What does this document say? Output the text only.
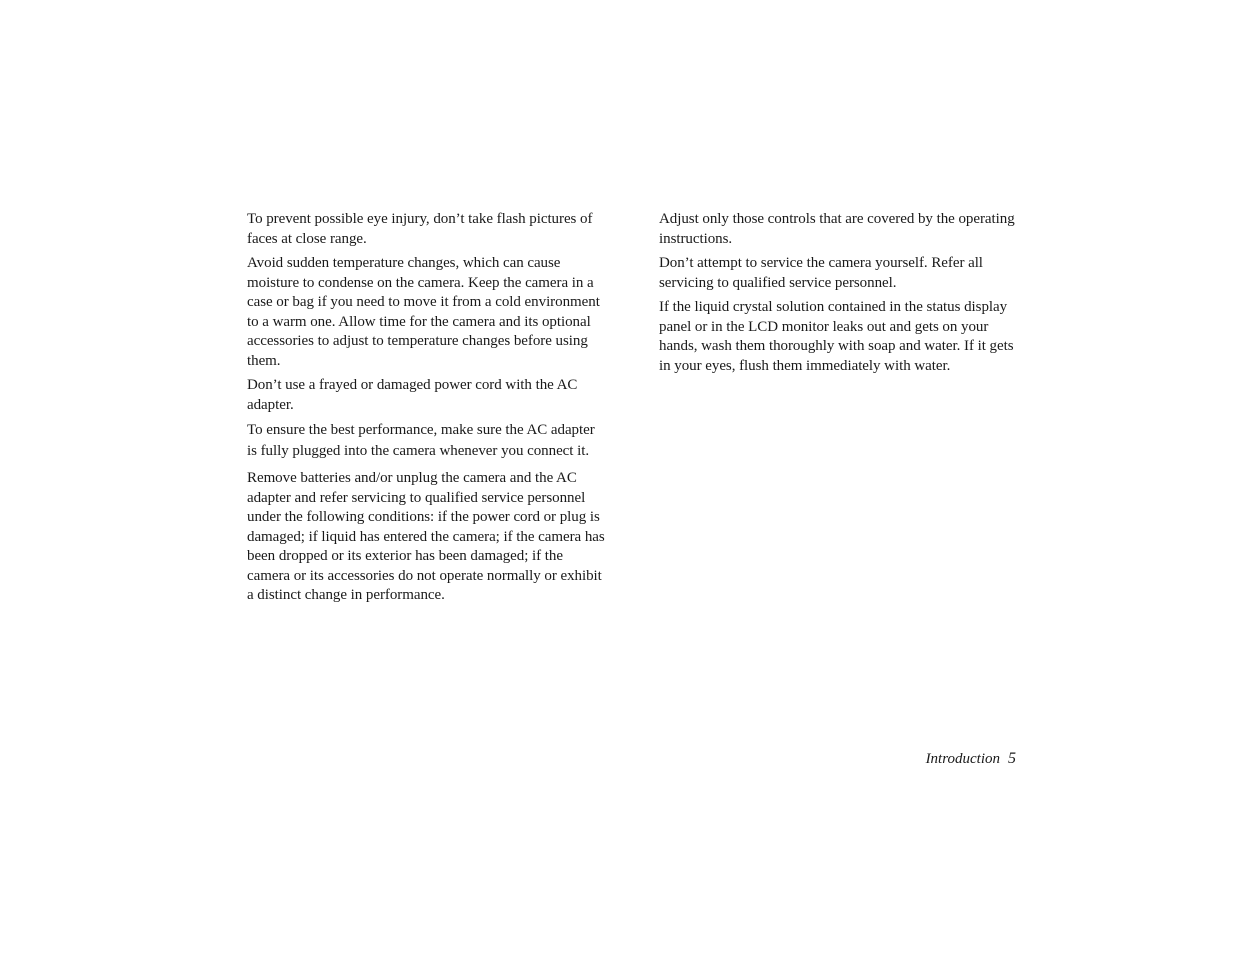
To prevent possible eye injury, don’t take flash pictures of faces at close range.

Avoid sudden temperature changes, which can cause moisture to condense on the camera. Keep the camera in a case or bag if you need to move it from a cold environment to a warm one. Allow time for the camera and its optional accessories to adjust to temperature changes before using them.

Don’t use a frayed or damaged power cord with the AC adapter.

To ensure the best performance, make sure the AC adapter is fully plugged into the camera whenever you connect it.

Remove batteries and/or unplug the camera and the AC adapter and refer servicing to qualified service personnel under the following conditions: if the power cord or plug is damaged; if liquid has entered the camera; if the camera has been dropped or its exterior has been damaged; if the camera or its accessories do not operate normally or exhibit a distinct change in performance.

Adjust only those controls that are covered by the operating instructions.

Don’t attempt to service the camera yourself. Refer all servicing to qualified service personnel.

If the liquid crystal solution contained in the status display panel or in the LCD monitor leaks out and gets on your hands, wash them thoroughly with soap and water. If it gets in your eyes, flush them immediately with water.

Introduction 5
